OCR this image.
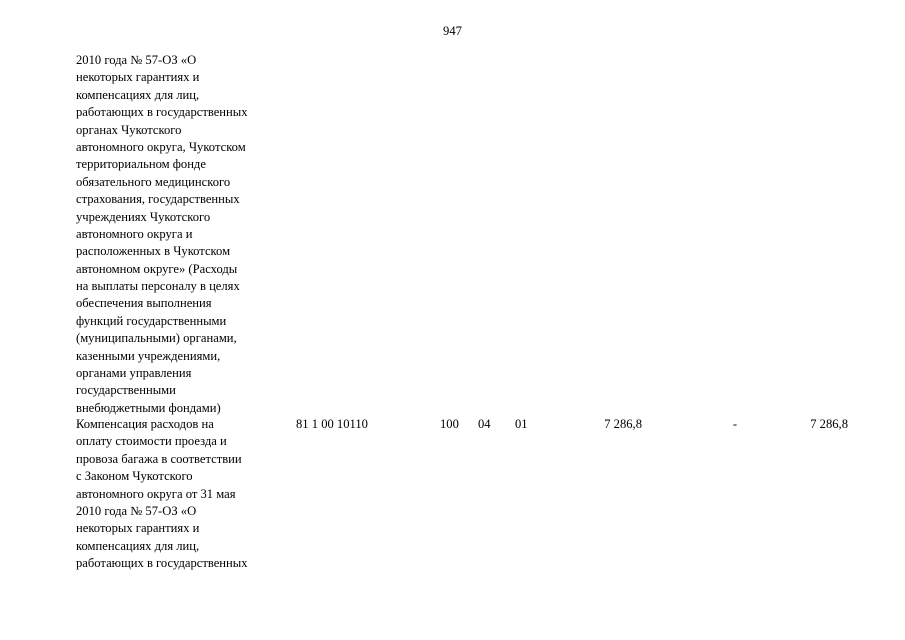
947
2010 года № 57-ОЗ «О
некоторых гарантиях и
компенсациях для лиц,
работающих в государственных
органах Чукотского
автономного округа, Чукотском
территориальном фонде
обязательного медицинского
страхования, государственных
учреждениях Чукотского
автономного округа и
расположенных в Чукотском
автономном округе» (Расходы
на выплаты персоналу в целях
обеспечения выполнения
функций государственными
(муниципальными) органами,
казенными учреждениями,
органами управления
государственными
внебюджетными фондами)
Компенсация расходов на
оплату стоимости проезда и
провоза багажа в соответствии
с Законом Чукотского
автономного округа от 31 мая
2010 года № 57-ОЗ «О
некоторых гарантиях и
компенсациях для лиц,
работающих в государственных
81 1 00 10110	100 04 01	7 286,8	-	7 286,8
